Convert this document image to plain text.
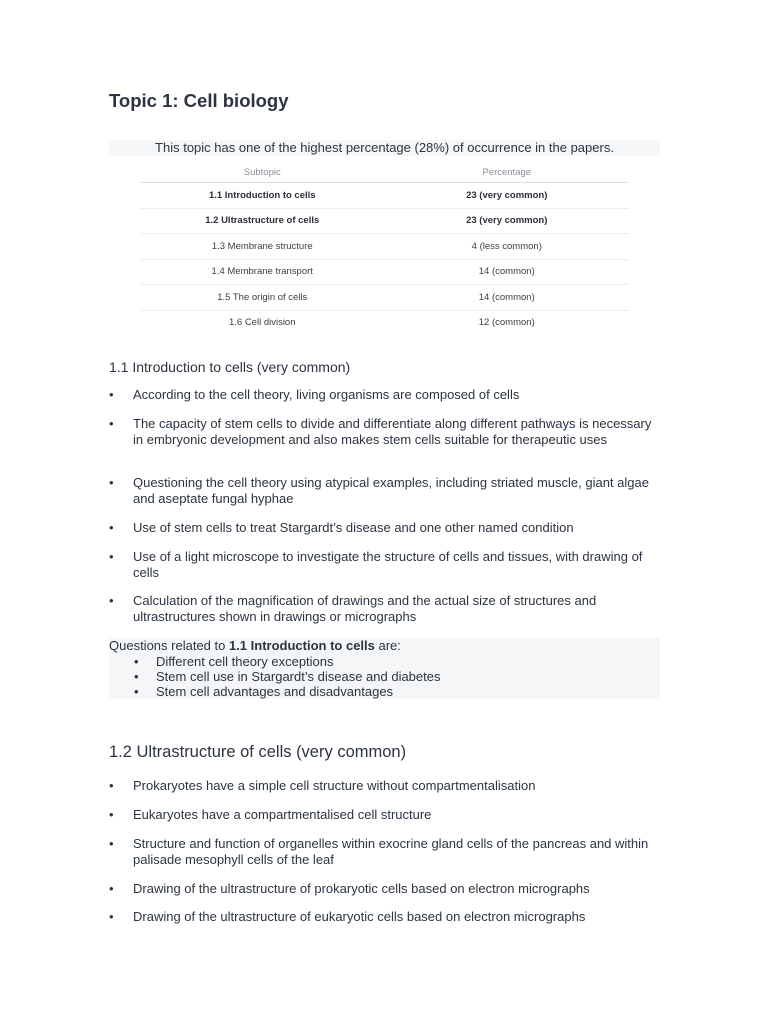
Topic 1: Cell biology
This topic has one of the highest percentage (28%) of occurrence in the papers.
Subtopic	Percentage
1.1 Introduction to cells	23 (very common)
1.2 Ultrastructure of cells	23 (very common)
1.3 Membrane structure	4 (less common)
1.4 Membrane transport	14 (common)
1.5 The origin of cells	14 (common)
1.6 Cell division	12 (common)
1.1 Introduction to cells (very common)
•	According to the cell theory, living organisms are composed of cells
•	The capacity of stem cells to divide and differentiate along different pathways is necessary in embryonic development and also makes stem cells suitable for therapeutic uses
•	Questioning the cell theory using atypical examples, including striated muscle, giant algae and aseptate fungal hyphae
•	Use of stem cells to treat Stargardt’s disease and one other named condition
•	Use of a light microscope to investigate the structure of cells and tissues, with drawing of cells
•	Calculation of the magnification of drawings and the actual size of structures and ultrastructures shown in drawings or micrographs
Questions related to 1.1 Introduction to cells are:
• Different cell theory exceptions
• Stem cell use in Stargardt’s disease and diabetes
• Stem cell advantages and disadvantages
1.2 Ultrastructure of cells (very common)
•	Prokaryotes have a simple cell structure without compartmentalisation
•	Eukaryotes have a compartmentalised cell structure
•	Structure and function of organelles within exocrine gland cells of the pancreas and within palisade mesophyll cells of the leaf
•	Drawing of the ultrastructure of prokaryotic cells based on electron micrographs
•	Drawing of the ultrastructure of eukaryotic cells based on electron micrographs
